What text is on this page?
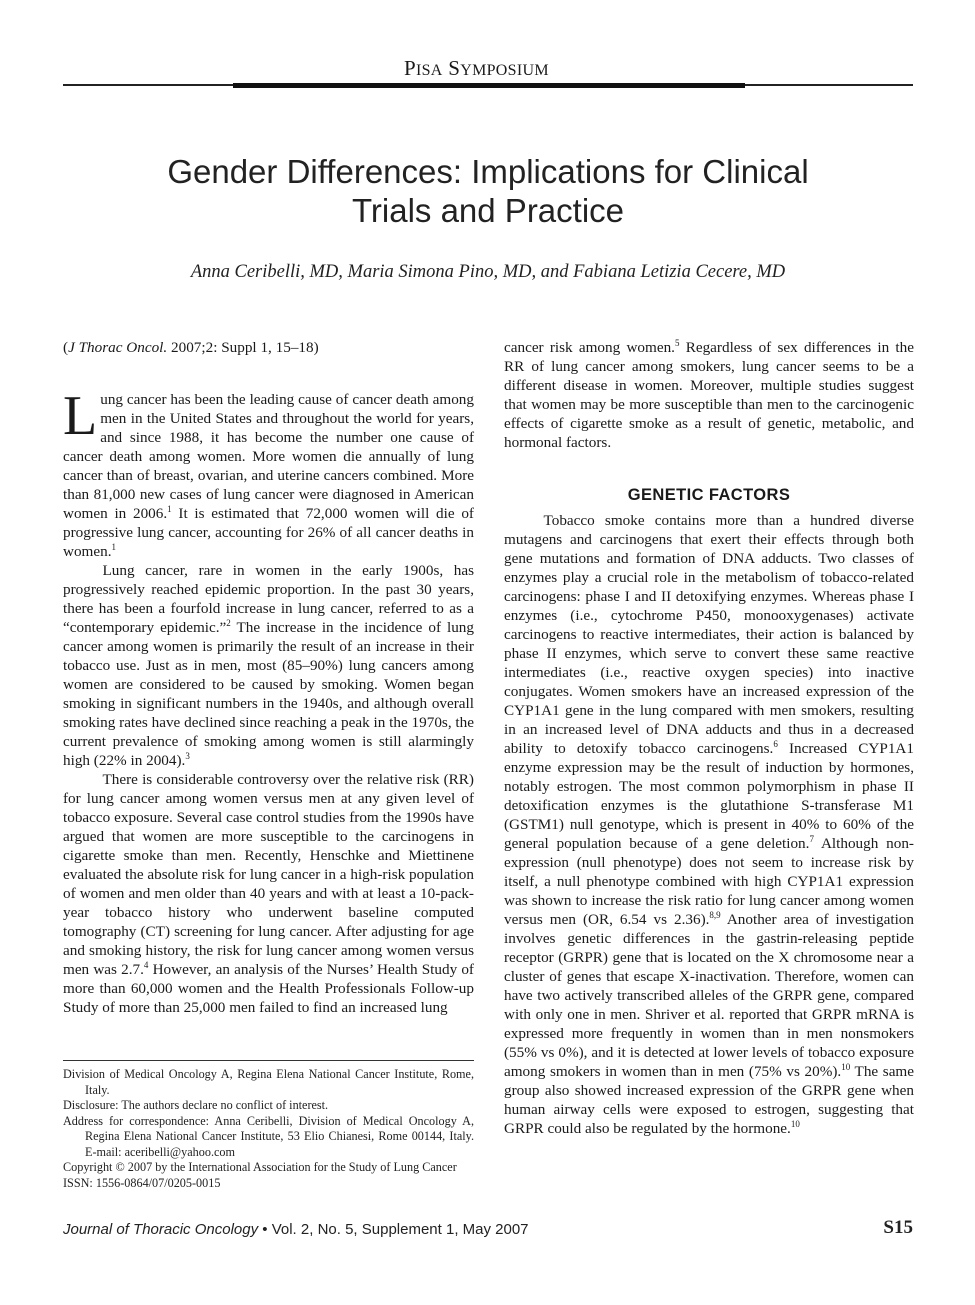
PISA SYMPOSIUM
Gender Differences: Implications for Clinical
Trials and Practice
Anna Ceribelli, MD, Maria Simona Pino, MD, and Fabiana Letizia Cecere, MD

(J Thorac Oncol. 2007;2: Suppl 1, 15–18)

Lung cancer has been the leading cause of cancer death among men in the United States and throughout the world for years, and since 1988, it has become the number one cause of cancer death among women. More women die annually of lung cancer than of breast, ovarian, and uterine cancers combined. More than 81,000 new cases of lung cancer were diagnosed in American women in 2006.$^1$ It is estimated that 72,000 women will die of progressive lung cancer, accounting for 26% of all cancer deaths in women.$^1$

Lung cancer, rare in women in the early 1900s, has progressively reached epidemic proportion. In the past 30 years, there has been a fourfold increase in lung cancer, referred to as a “contemporary epidemic.”$^2$ The increase in the incidence of lung cancer among women is primarily the result of an increase in their tobacco use. Just as in men, most (85–90%) lung cancers among women are considered to be caused by smoking. Women began smoking in significant numbers in the 1940s, and although overall smoking rates have declined since reaching a peak in the 1970s, the current prevalence of smoking among women is still alarmingly high (22% in 2004).$^3$

There is considerable controversy over the relative risk (RR) for lung cancer among women versus men at any given level of tobacco exposure. Several case control studies from the 1990s have argued that women are more susceptible to the carcinogens in cigarette smoke than men. Recently, Henschke and Miettinene evaluated the absolute risk for lung cancer in a high-risk population of women and men older than 40 years and with at least a 10-pack-year tobacco history who underwent baseline computed tomography (CT) screening for lung cancer. After adjusting for age and smoking history, the risk for lung cancer among women versus men was 2.7.$^4$ However, an analysis of the Nurses’ Health Study of more than 60,000 women and the Health Professionals Follow-up Study of more than 25,000 men failed to find an increased lung

Division of Medical Oncology A, Regina Elena National Cancer Institute, Rome, Italy.

Disclosure: The authors declare no conflict of interest.

Address for correspondence: Anna Ceribelli, Division of Medical Oncology A, Regina Elena National Cancer Institute, 53 Elio Chianesi, Rome 00144, Italy. E-mail: aceribelli@yahoo.com

Copyright © 2007 by the International Association for the Study of Lung Cancer

ISSN: 1556-0864/07/0205-0015

cancer risk among women.$^5$ Regardless of sex differences in the RR of lung cancer among smokers, lung cancer seems to be a different disease in women. Moreover, multiple studies suggest that women may be more susceptible than men to the carcinogenic effects of cigarette smoke as a result of genetic, metabolic, and hormonal factors.

GENETIC FACTORS

Tobacco smoke contains more than a hundred diverse mutagens and carcinogens that exert their effects through both gene mutations and formation of DNA adducts. Two classes of enzymes play a crucial role in the metabolism of tobacco-related carcinogens: phase I and II detoxifying enzymes. Whereas phase I enzymes (i.e., cytochrome P450, monooxygenases) activate carcinogens to reactive intermediates, their action is balanced by phase II enzymes, which serve to convert these same reactive intermediates (i.e., reactive oxygen species) into inactive conjugates. Women smokers have an increased expression of the CYP1A1 gene in the lung compared with men smokers, resulting in an increased level of DNA adducts and thus in a decreased ability to detoxify tobacco carcinogens.$^6$ Increased CYP1A1 enzyme expression may be the result of induction by hormones, notably estrogen. The most common polymorphism in phase II detoxification enzymes is the glutathione S-transferase M1 (GSTM1) null genotype, which is present in 40% to 60% of the general population because of a gene deletion.$^7$ Although non-expression (null phenotype) does not seem to increase risk by itself, a null phenotype combined with high CYP1A1 expression was shown to increase the risk ratio for lung cancer among women versus men (OR, 6.54 vs 2.36).$^{8,9}$ Another area of investigation involves genetic differences in the gastrin-releasing peptide receptor (GRPR) gene that is located on the X chromosome near a cluster of genes that escape X-inactivation. Therefore, women can have two actively transcribed alleles of the GRPR gene, compared with only one in men. Shriver et al. reported that GRPR mRNA is expressed more frequently in women than in men nonsmokers (55% vs 0%), and it is detected at lower levels of tobacco exposure among smokers in women than in men (75% vs 20%).$^{10}$ The same group also showed increased expression of the GRPR gene when human airway cells were exposed to estrogen, suggesting that GRPR could also be regulated by the hormone.$^{10}$

Journal of Thoracic Oncology • Vol. 2, No. 5, Supplement 1, May 2007	S15
